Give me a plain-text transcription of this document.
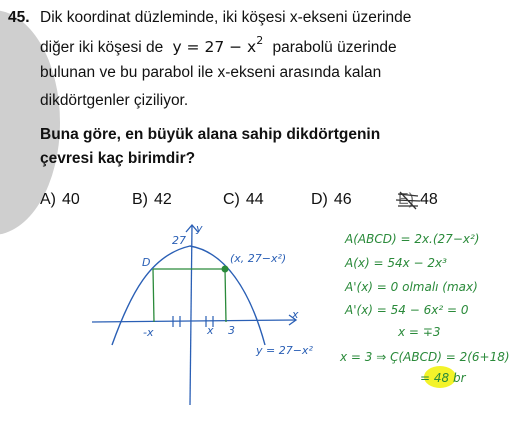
45. Dik koordinat düzleminde, iki köşesi x-ekseni üzerinde
diğer iki köşesi de $y = 27 - x^2$ parabolü üzerinde
bulunan ve bu parabol ile x-ekseni arasında kalan
dikdörtgenler çiziliyor.
Buna göre, en büyük alana sahip dikdörtgenin
çevresi kaç birimdir?
A) 40	B) 42	C) 44	D) 46	E) 48
y
27
D	(x, 27−x²)
x
-x	x 3
y = 27−x²
A(ABCD) = 2x.(27−x²)
A(x) = 54x − 2x³
A'(x) = 0 olmalı (max)
A'(x) = 54 − 6x² = 0
x = ∓3
x = 3 ⇒ Ç(ABCD) = 2(6+18)
= 48 br
